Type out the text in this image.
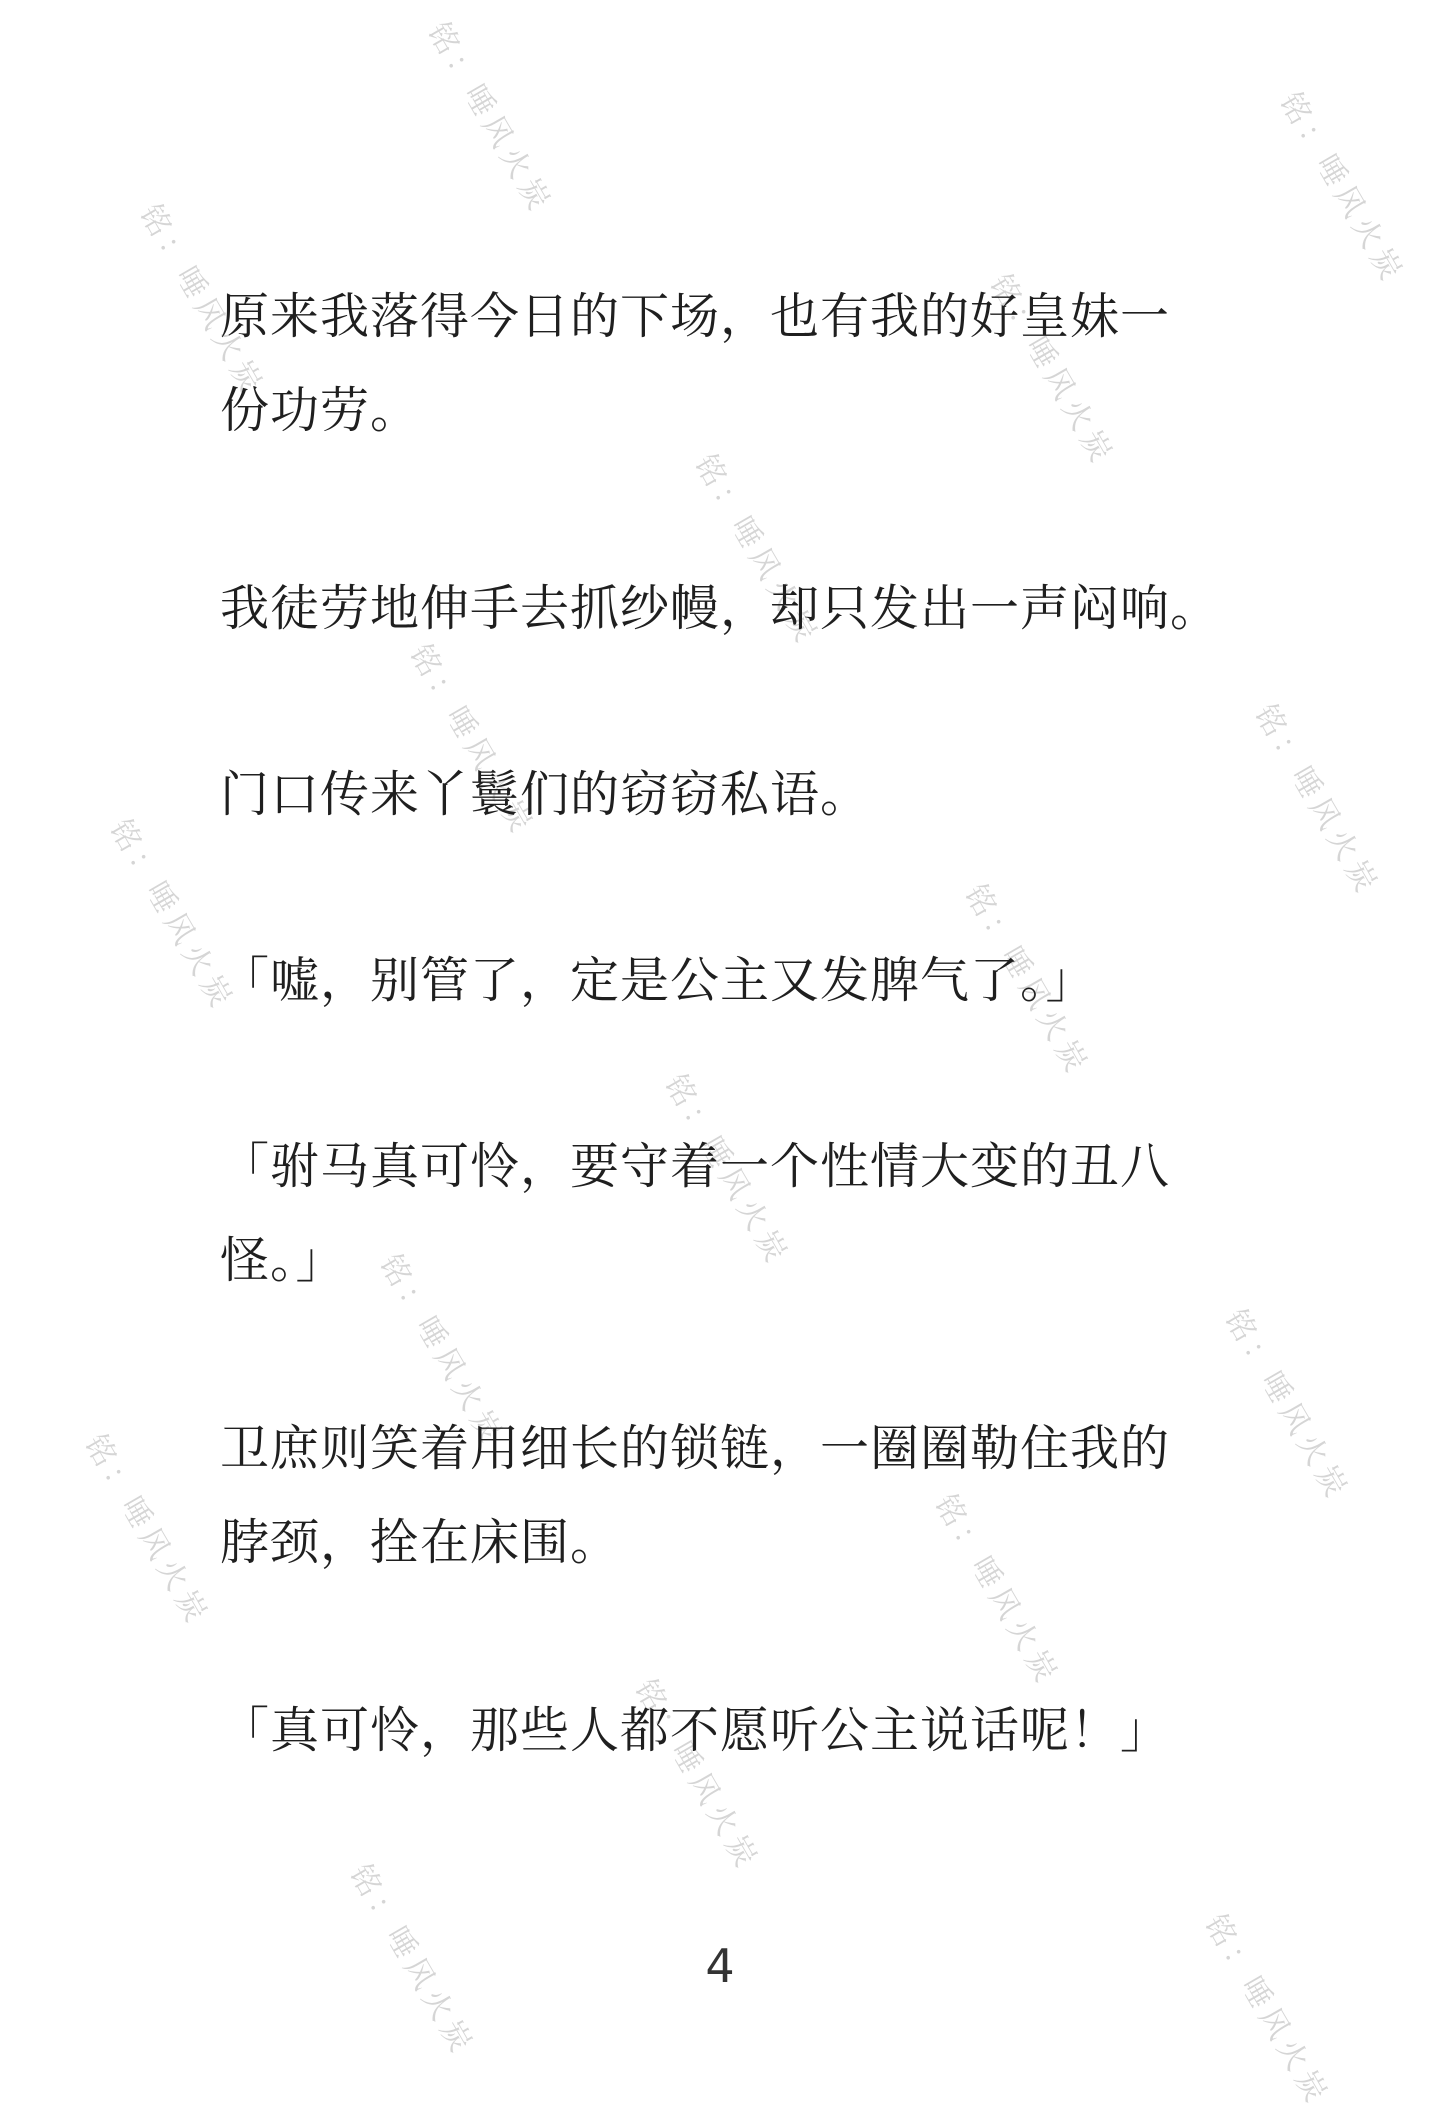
铭：唾风火炭	铭：唾风火炭
铭：唾风火炭	铭：唾风火炭
铭：唾风火炭
铭：唾风火炭	铭：唾风火炭
铭：唾风火炭	铭：唾风火炭
铭：唾风火炭
铭：唾风火炭	铭：唾风火炭
铭：唾风火炭	铭：唾风火炭
铭：唾风火炭
铭：唾风火炭	铭：唾风火炭

原来我落得今日的下场，也有我的好皇妹一
份功劳。

我徒劳地伸手去抓纱幔，却只发出一声闷响。

门口传来丫鬟们的窃窃私语。

「嘘，别管了，定是公主又发脾气了。」

「驸马真可怜，要守着一个性情大变的丑八
怪。」

卫庶则笑着用细长的锁链，一圈圈勒住我的
脖颈，拴在床围。

「真可怜，那些人都不愿听公主说话呢！」

4
